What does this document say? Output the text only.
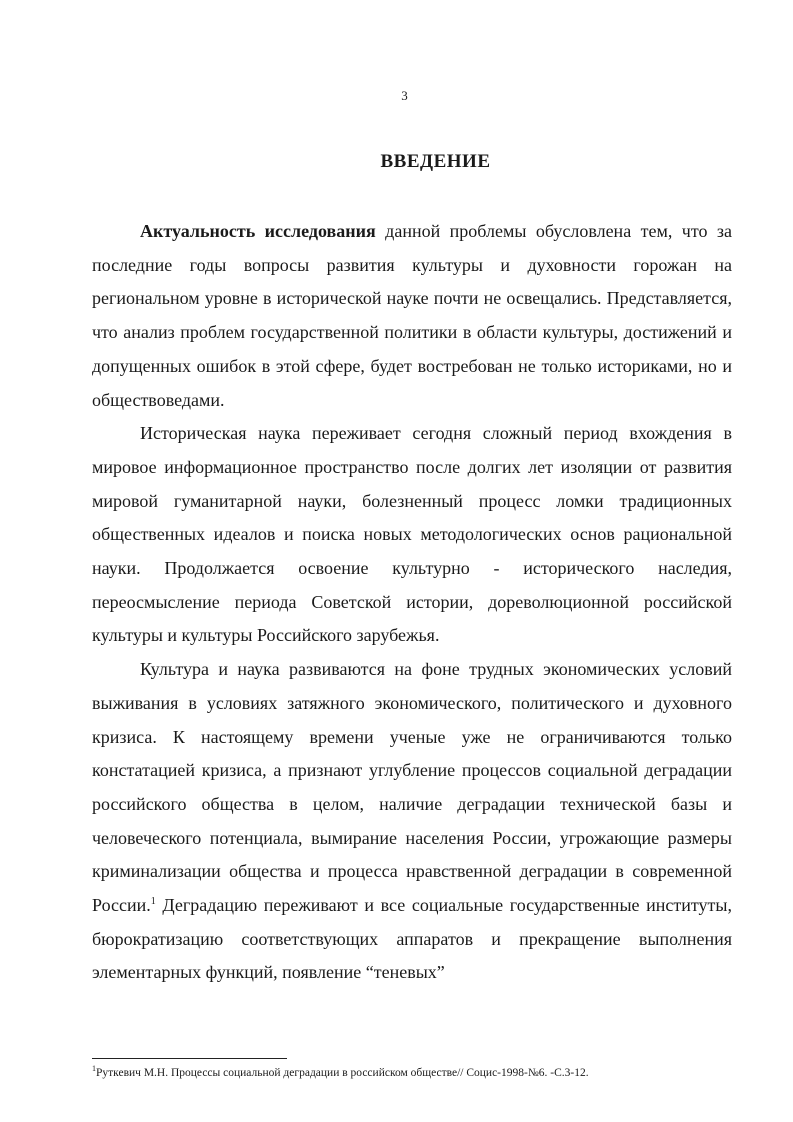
3
ВВЕДЕНИЕ

Актуальность исследования данной проблемы обусловлена тем, что за последние годы вопросы развития культуры и духовности горожан на региональном уровне в исторической науке почти не освещались. Представляется, что анализ проблем государственной политики в области культуры, достижений и допущенных ошибок в этой сфере, будет востребован не только историками, но и обществоведами.

Историческая наука переживает сегодня сложный период вхождения в мировое информационное пространство после долгих лет изоляции от развития мировой гуманитарной науки, болезненный процесс ломки традиционных общественных идеалов и поиска новых методологических основ рациональной науки. Продолжается освоение культурно - исторического наследия, переосмысление периода Советской истории, дореволюционной российской культуры и культуры Российского зарубежья.

Культура и наука развиваются на фоне трудных экономических условий выживания в условиях затяжного экономического, политического и духовного кризиса. К настоящему времени ученые уже не ограничиваются только констатацией кризиса, а признают углубление процессов социальной деградации российского общества в целом, наличие деградации технической базы и человеческого потенциала, вымирание населения России, угрожающие размеры криминализации общества и процесса нравственной деградации в современной России.$^1$ Деградацию переживают и все социальные государственные институты, бюрократизацию соответствующих аппаратов и прекращение выполнения элементарных функций, появление “теневых”

$^1$Руткевич М.Н. Процессы социальной деградации в российском обществе// Социс-1998-№6. -С.3-12.
